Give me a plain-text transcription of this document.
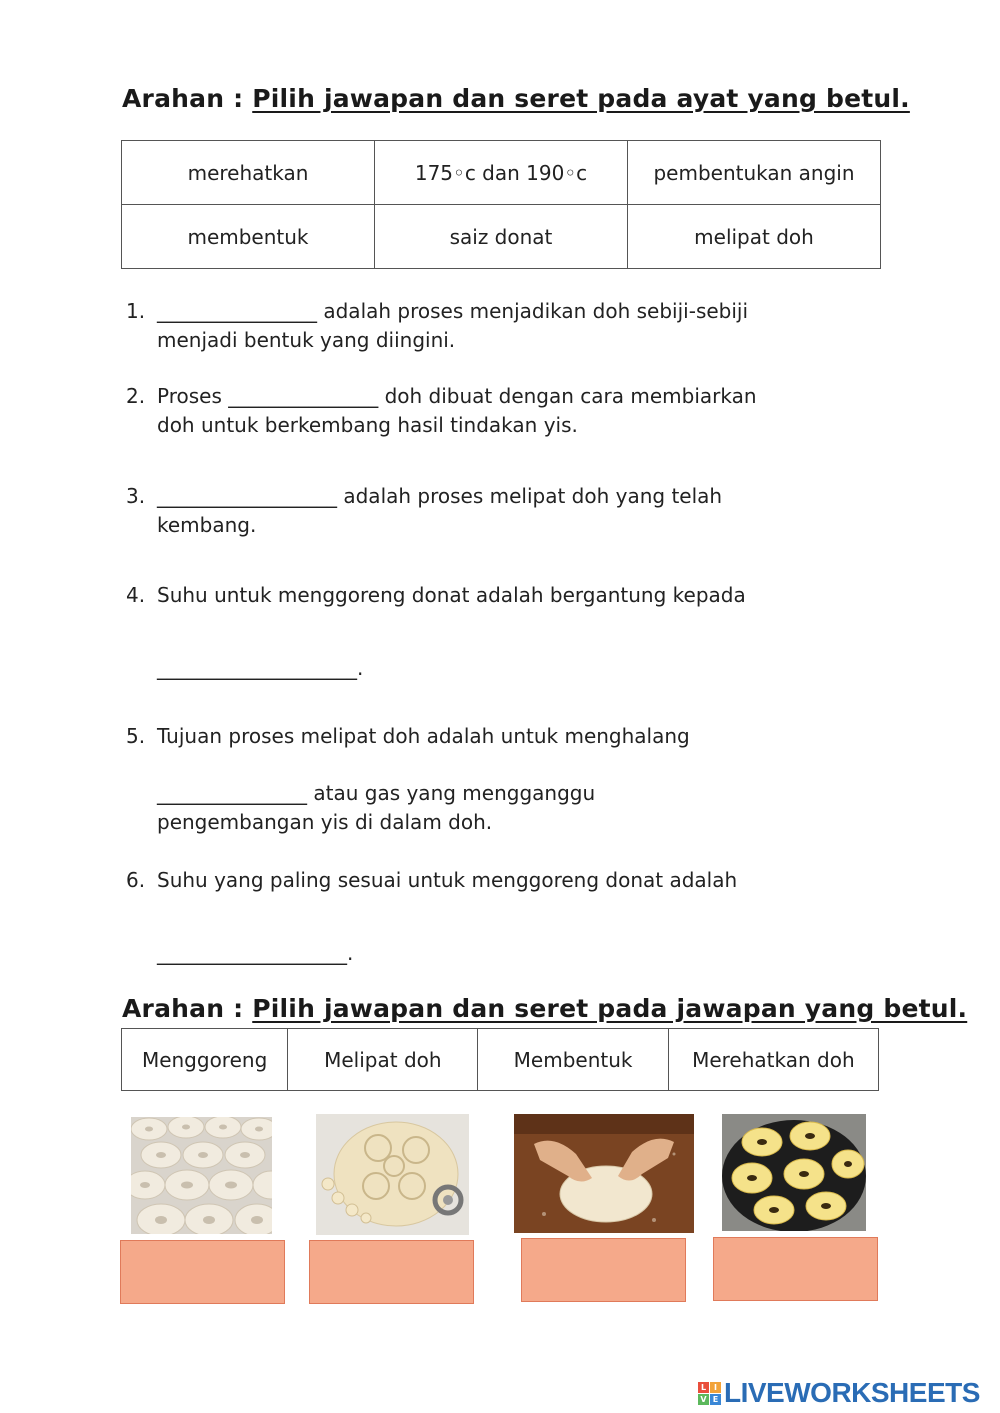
Arahan : Pilih jawapan dan seret pada ayat yang betul.
merehatkan	175◦c dan 190◦c	pembentukan angin
membentuk	saiz donat	melipat doh
1. ________________ adalah proses menjadikan doh sebiji-sebiji
menjadi bentuk yang diingini.
2. Proses _______________ doh dibuat dengan cara membiarkan
doh untuk berkembang hasil tindakan yis.
3. __________________ adalah proses melipat doh yang telah
kembang.
4. Suhu untuk menggoreng donat adalah bergantung kepada
____________________.
5. Tujuan proses melipat doh adalah untuk menghalang
_______________ atau gas yang mengganggu
pengembangan yis di dalam doh.
6. Suhu yang paling sesuai untuk menggoreng donat adalah
___________________.
Arahan : Pilih jawapan dan seret pada jawapan yang betul.
Menggoreng	Melipat doh	Membentuk	Merehatkan doh
L I
V E LIVEWORKSHEETS
